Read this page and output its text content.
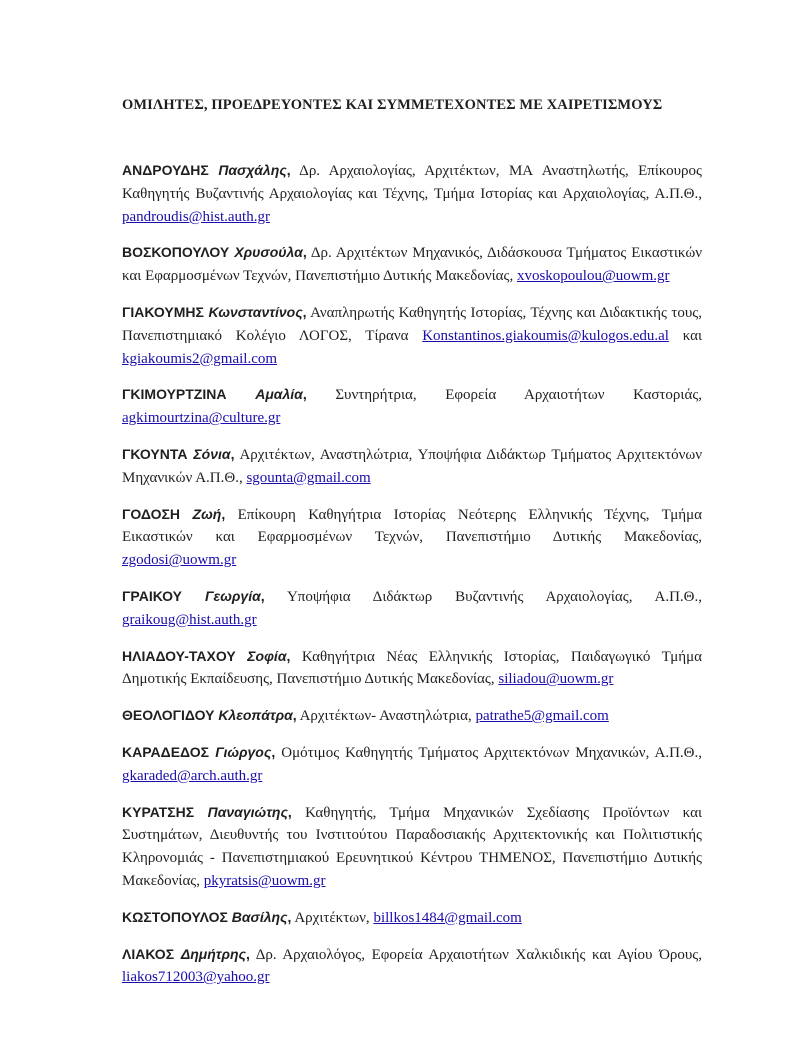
ΟΜΙΛΗΤΕΣ, ΠΡΟΕΔΡΕΥΟΝΤΕΣ ΚΑΙ ΣΥΜΜΕΤΕΧΟΝΤΕΣ ΜΕ ΧΑΙΡΕΤΙΣΜΟΥΣ
ΑΝΔΡΟΥΔΗΣ Πασχάλης, Δρ. Αρχαιολογίας, Αρχιτέκτων, MA Αναστηλωτής, Επίκουρος Καθηγητής Βυζαντινής Αρχαιολογίας και Τέχνης, Τμήμα Ιστορίας και Αρχαιολογίας, Α.Π.Θ., pandroudis@hist.auth.gr
ΒΟΣΚΟΠΟΥΛΟΥ Χρυσούλα, Δρ. Αρχιτέκτων Μηχανικός, Διδάσκουσα Τμήματος Εικαστικών και Εφαρμοσμένων Τεχνών, Πανεπιστήμιο Δυτικής Μακεδονίας, xvoskopoulou@uowm.gr
ΓΙΑΚΟΥΜΗΣ Κωνσταντίνος, Αναπληρωτής Καθηγητής Ιστορίας, Τέχνης και Διδακτικής τους, Πανεπιστημιακό Κολέγιο ΛΟΓΟΣ, Τίρανα Konstantinos.giakoumis@kulogos.edu.al και kgiakoumis2@gmail.com
ΓΚΙΜΟΥΡΤΖΙΝΑ Αμαλία, Συντηρήτρια, Εφορεία Αρχαιοτήτων Καστοριάς, agkimourtzina@culture.gr
ΓΚΟΥΝΤΑ Σόνια, Αρχιτέκτων, Αναστηλώτρια, Υποψήφια Διδάκτωρ Τμήματος Αρχιτεκτόνων Μηχανικών Α.Π.Θ., sgounta@gmail.com
ΓΟΔΟΣΗ Ζωή, Επίκουρη Καθηγήτρια Ιστορίας Νεότερης Ελληνικής Τέχνης, Τμήμα Εικαστικών και Εφαρμοσμένων Τεχνών, Πανεπιστήμιο Δυτικής Μακεδονίας, zgodosi@uowm.gr
ΓΡΑΙΚΟΥ Γεωργία, Υποψήφια Διδάκτωρ Βυζαντινής Αρχαιολογίας, Α.Π.Θ., graikoug@hist.auth.gr
ΗΛΙΑΔΟΥ-ΤΑΧΟΥ Σοφία, Καθηγήτρια Νέας Ελληνικής Ιστορίας, Παιδαγωγικό Τμήμα Δημοτικής Εκπαίδευσης, Πανεπιστήμιο Δυτικής Μακεδονίας, siliadou@uowm.gr
ΘΕΟΛΟΓΙΔΟΥ Κλεοπάτρα, Αρχιτέκτων- Αναστηλώτρια, patrathe5@gmail.com
ΚΑΡΑΔΕΔΟΣ Γιώργος, Ομότιμος Καθηγητής Τμήματος Αρχιτεκτόνων Μηχανικών, Α.Π.Θ., gkaraded@arch.auth.gr
ΚΥΡΑΤΣΗΣ Παναγιώτης, Καθηγητής, Τμήμα Μηχανικών Σχεδίασης Προϊόντων και Συστημάτων, Διευθυντής του Ινστιτούτου Παραδοσιακής Αρχιτεκτονικής και Πολιτιστικής Κληρονομιάς - Πανεπιστημιακού Ερευνητικού Κέντρου ΤΗΜΕΝΟΣ, Πανεπιστήμιο Δυτικής Μακεδονίας, pkyratsis@uowm.gr
ΚΩΣΤΟΠΟΥΛΟΣ Βασίλης, Αρχιτέκτων, billkos1484@gmail.com
ΛΙΑΚΟΣ Δημήτρης, Δρ. Αρχαιολόγος, Εφορεία Αρχαιοτήτων Χαλκιδικής και Αγίου Όρους, liakos712003@yahoo.gr
